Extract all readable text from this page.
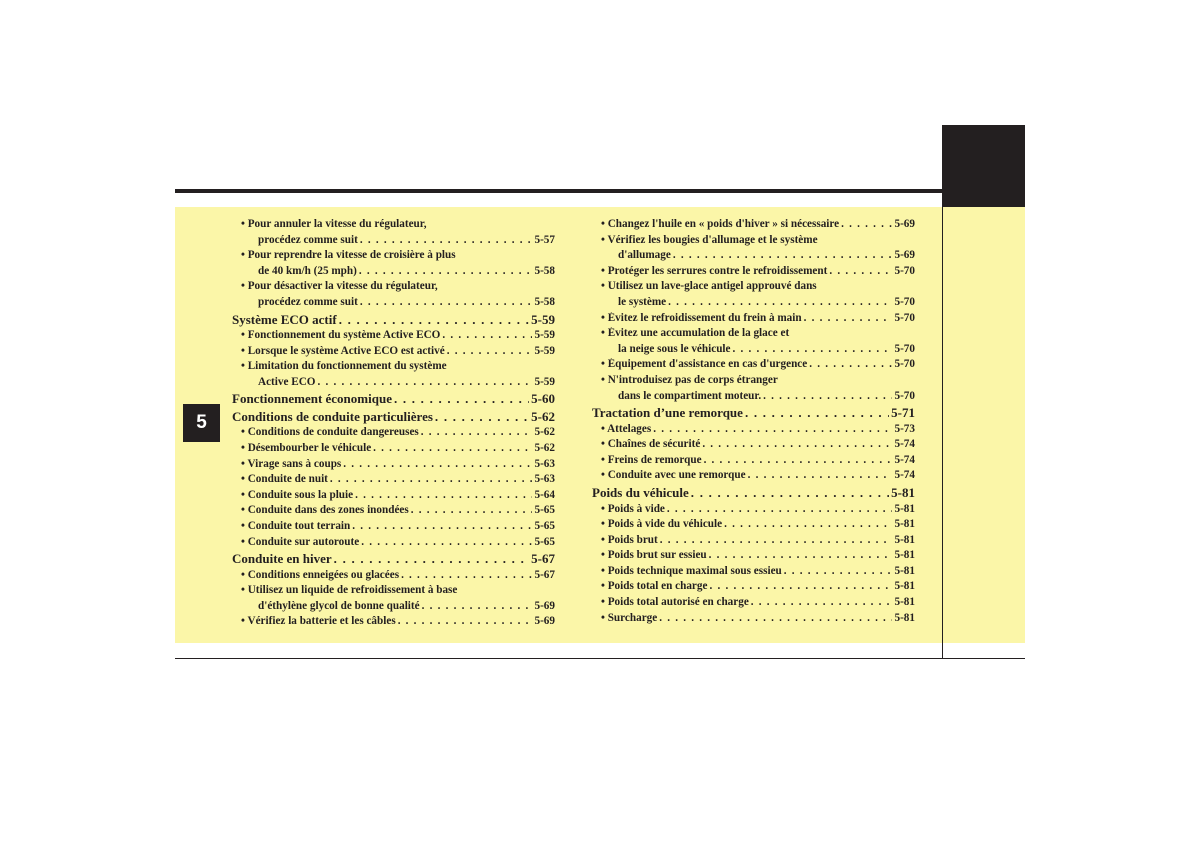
5
• Pour annuler la vitesse du régulateur,
procédez comme suit . . .	5-57
• Pour reprendre la vitesse de croisière à plus
de 40 km/h (25 mph) . . .	5-58
• Pour désactiver la vitesse du régulateur,
procédez comme suit . . .	5-58
Système ECO actif . . .	5-59
• Fonctionnement du système Active ECO . . .	5-59
• Lorsque le système Active ECO est activé . . .	5-59
• Limitation du fonctionnement du système
Active ECO . . .	5-59
Fonctionnement économique . . .	5-60
Conditions de conduite particulières . . .	5-62
• Conditions de conduite dangereuses . . .	5-62
• Désembourber le véhicule . . .	5-62
• Virage sans à coups . . .	5-63
• Conduite de nuit . . .	5-63
• Conduite sous la pluie . . .	5-64
• Conduite dans des zones inondées . . .	5-65
• Conduite tout terrain . . .	5-65
• Conduite sur autoroute . . .	5-65
Conduite en hiver . . .	5-67
• Conditions enneigées ou glacées . . .	5-67
• Utilisez un liquide de refroidissement à base
d'éthylène glycol de bonne qualité . . .	5-69
• Vérifiez la batterie et les câbles . . .	5-69
• Changez l'huile en « poids d'hiver » si nécessaire . . .	5-69
• Vérifiez les bougies d'allumage et le système
d'allumage . . .	5-69
• Protéger les serrures contre le refroidissement . . .	5-70
• Utilisez un lave-glace antigel approuvé dans
le système . . .	5-70
• Évitez le refroidissement du frein à main . . .	5-70
• Évitez une accumulation de la glace et
la neige sous le véhicule . . .	5-70
• Équipement d'assistance en cas d'urgence . . .	5-70
• N'introduisez pas de corps étranger
dans le compartiment moteur. . . .	5-70
Tractation d’une remorque . . .	5-71
• Attelages . . .	5-73
• Chaînes de sécurité . . .	5-74
• Freins de remorque . . .	5-74
• Conduite avec une remorque . . .	5-74
Poids du véhicule . . .	5-81
• Poids à vide . . .	5-81
• Poids à vide du véhicule . . .	5-81
• Poids brut . . .	5-81
• Poids brut sur essieu . . .	5-81
• Poids technique maximal sous essieu . . .	5-81
• Poids total en charge . . .	5-81
• Poids total autorisé en charge . . .	5-81
• Surcharge . . .	5-81
